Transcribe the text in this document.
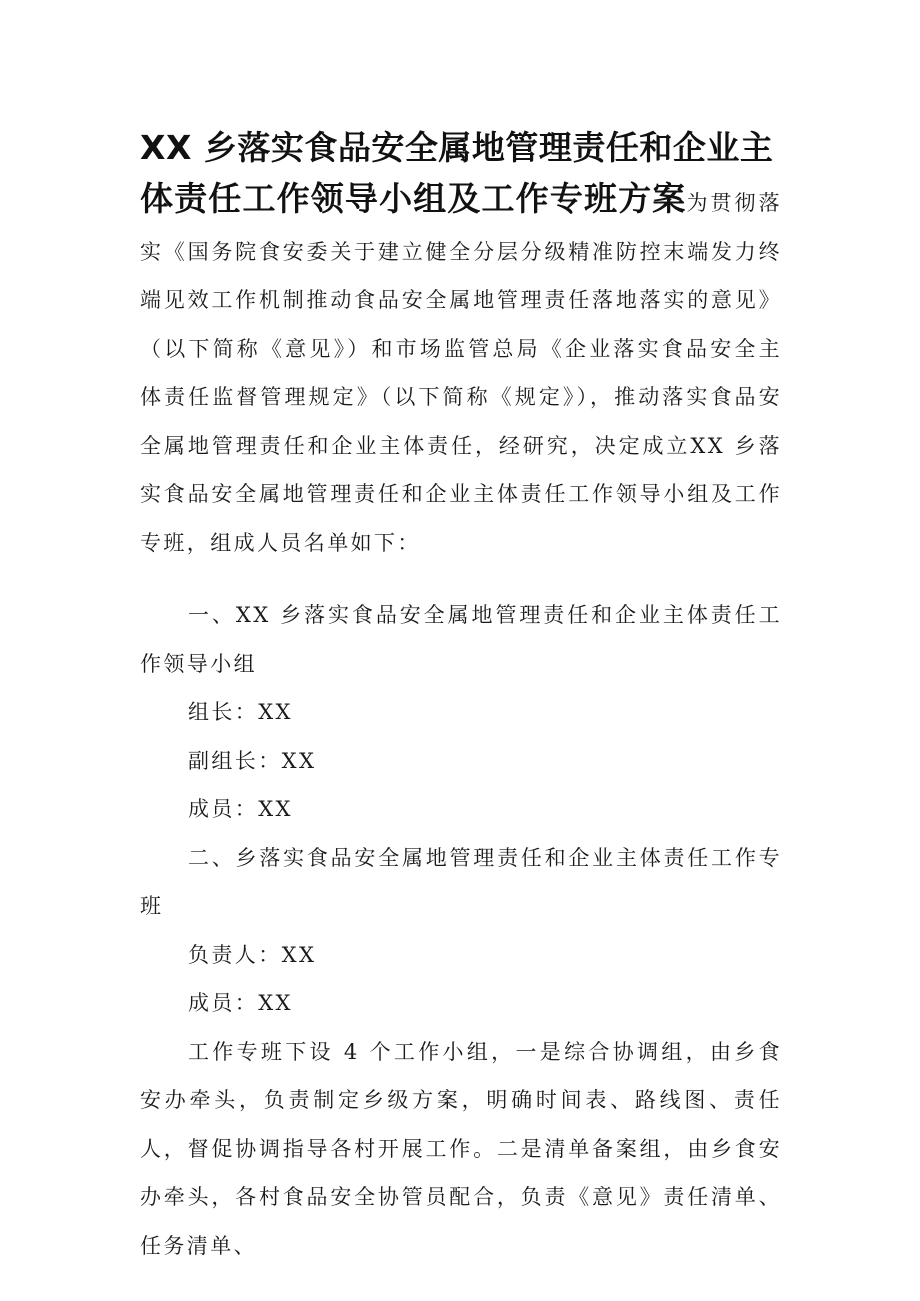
XX 乡落实食品安全属地管理责任和企业主
体责任工作领导小组及工作专班方案为贯彻落实《国务院食安委关于建立健全分层分级精准防控末端发力终端见效工作机制推动食品安全属地管理责任落地落实的意见》（以下简称《意见》）和市场监管总局《企业落实食品安全主体责任监督管理规定》（以下简称《规定》），推动落实食品安全属地管理责任和企业主体责任，经研究，决定成立XX 乡落实食品安全属地管理责任和企业主体责任工作领导小组及工作专班，组成人员名单如下：

一、XX 乡落实食品安全属地管理责任和企业主体责任工作领导小组

组长：XX

副组长：XX

成员：XX

二、乡落实食品安全属地管理责任和企业主体责任工作专班

负责人：XX

成员：XX

工作专班下设 4 个工作小组，一是综合协调组，由乡食安办牵头，负责制定乡级方案，明确时间表、路线图、责任人，督促协调指导各村开展工作。二是清单备案组，由乡食安办牵头，各村食品安全协管员配合，负责《意见》责任清单、任务清单、
